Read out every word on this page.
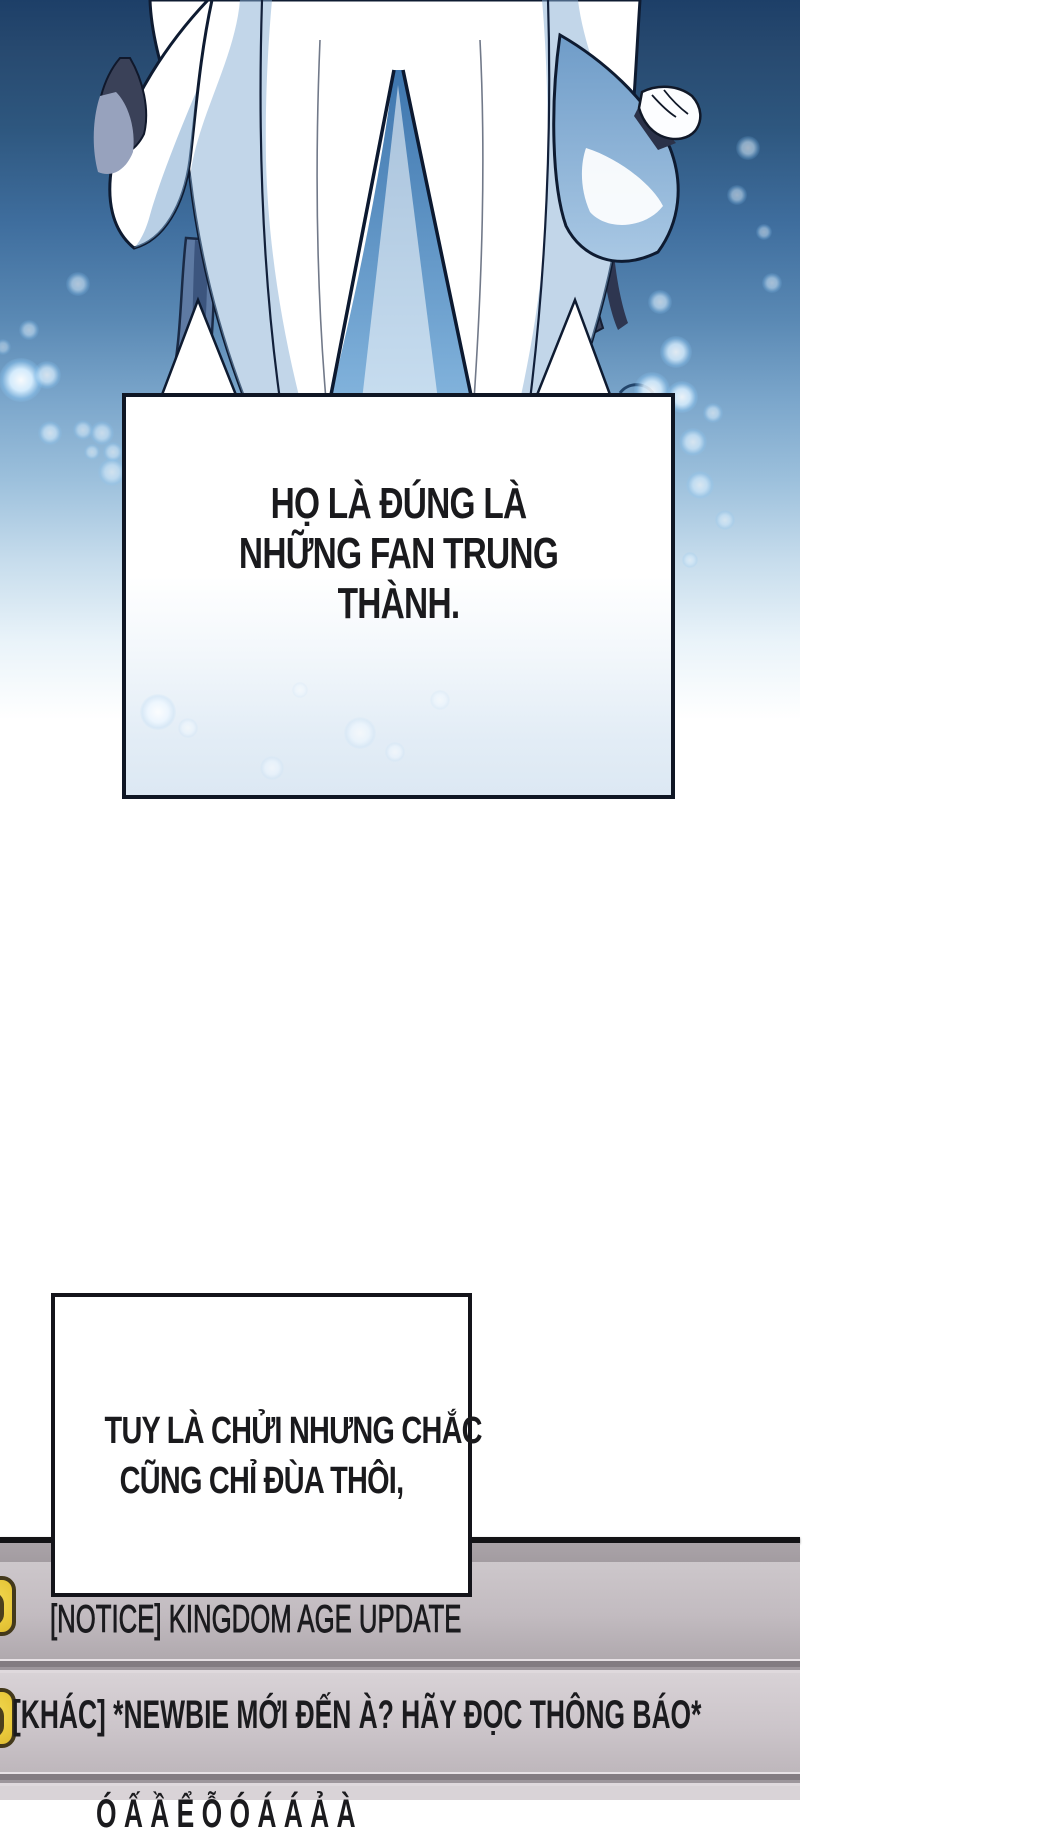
HỌ LÀ ĐÚNG LÀ
NHỮNG FAN TRUNG
THÀNH.
TUY LÀ CHỬI NHƯNG CHẮC
CŨNG CHỈ ĐÙA THÔI,
[NOTICE] KINGDOM AGE UPDATE
[KHÁC] *NEWBIE MỚI ĐẾN À? HÃY ĐỌC THÔNG BÁO*
Ó Ấ Ầ Ể Ỗ Ó Á Á Ả À
